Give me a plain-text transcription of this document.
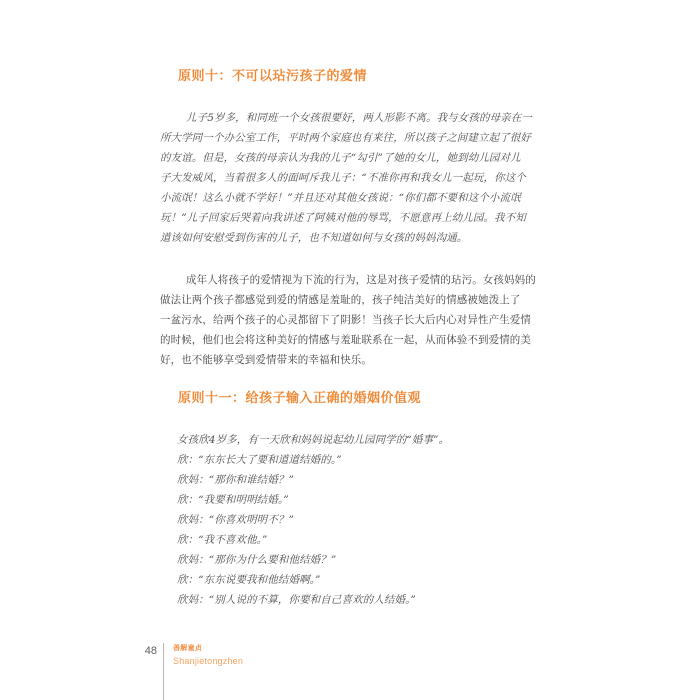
原则十：不可以玷污孩子的爱情
儿子5岁多，和同班一个女孩很要好，两人形影不离。我与女孩的母亲在一
所大学同一个办公室工作，平时两个家庭也有来往，所以孩子之间建立起了很好
的友谊。但是，女孩的母亲认为我的儿子“勾引”了她的女儿，她到幼儿园对儿
子大发威风，当着很多人的面呵斥我儿子：“不准你再和我女儿一起玩，你这个
小流氓！这么小就不学好！”并且还对其他女孩说：“你们都不要和这个小流氓
玩！”儿子回家后哭着向我讲述了阿姨对他的辱骂，不愿意再上幼儿园。我不知
道该如何安慰受到伤害的儿子，也不知道如何与女孩的妈妈沟通。
成年人将孩子的爱情视为下流的行为，这是对孩子爱情的玷污。女孩妈妈的
做法让两个孩子都感觉到爱的情感是羞耻的，孩子纯洁美好的情感被她泼上了
一盆污水，给两个孩子的心灵都留下了阴影！当孩子长大后内心对异性产生爱情
的时候，他们也会将这种美好的情感与羞耻联系在一起，从而体验不到爱情的美
好，也不能够享受到爱情带来的幸福和快乐。
原则十一：给孩子输入正确的婚姻价值观
女孩欣4岁多，有一天欣和妈妈说起幼儿园同学的“婚事”。
欣：“东东长大了要和道道结婚的。”
欣妈：“那你和谁结婚？”
欣：“我要和明明结婚。”
欣妈：“你喜欢明明不？”
欣：“我不喜欢他。”
欣妈：“那你为什么要和他结婚？”
欣：“东东说要我和他结婚啊。”
欣妈：“别人说的不算，你要和自己喜欢的人结婚。”
48 善解童贞
Shanjietongzhen
